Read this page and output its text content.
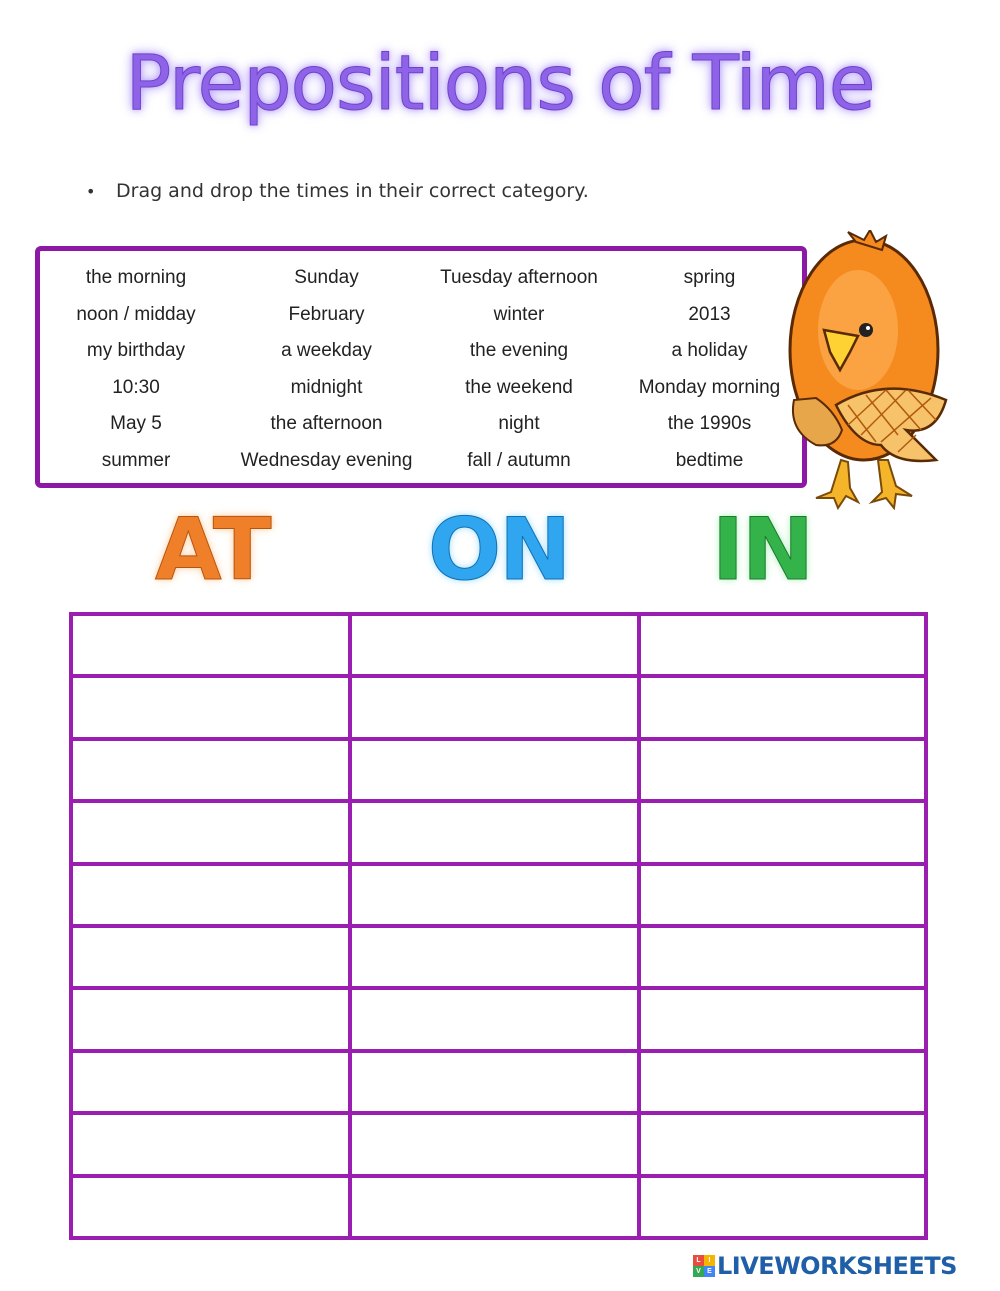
Prepositions of Time
• Drag and drop the times in their correct category.
the morning	Sunday	Tuesday afternoon	spring
noon / midday	February	winter	2013
my birthday	a weekday	the evening	a holiday
10:30	midnight	the weekend	Monday morning
May 5	the afternoon	night	the 1990s
summer	Wednesday evening	fall / autumn	bedtime
AT ON IN

L	I
V E LIVEWORKSHEETS
